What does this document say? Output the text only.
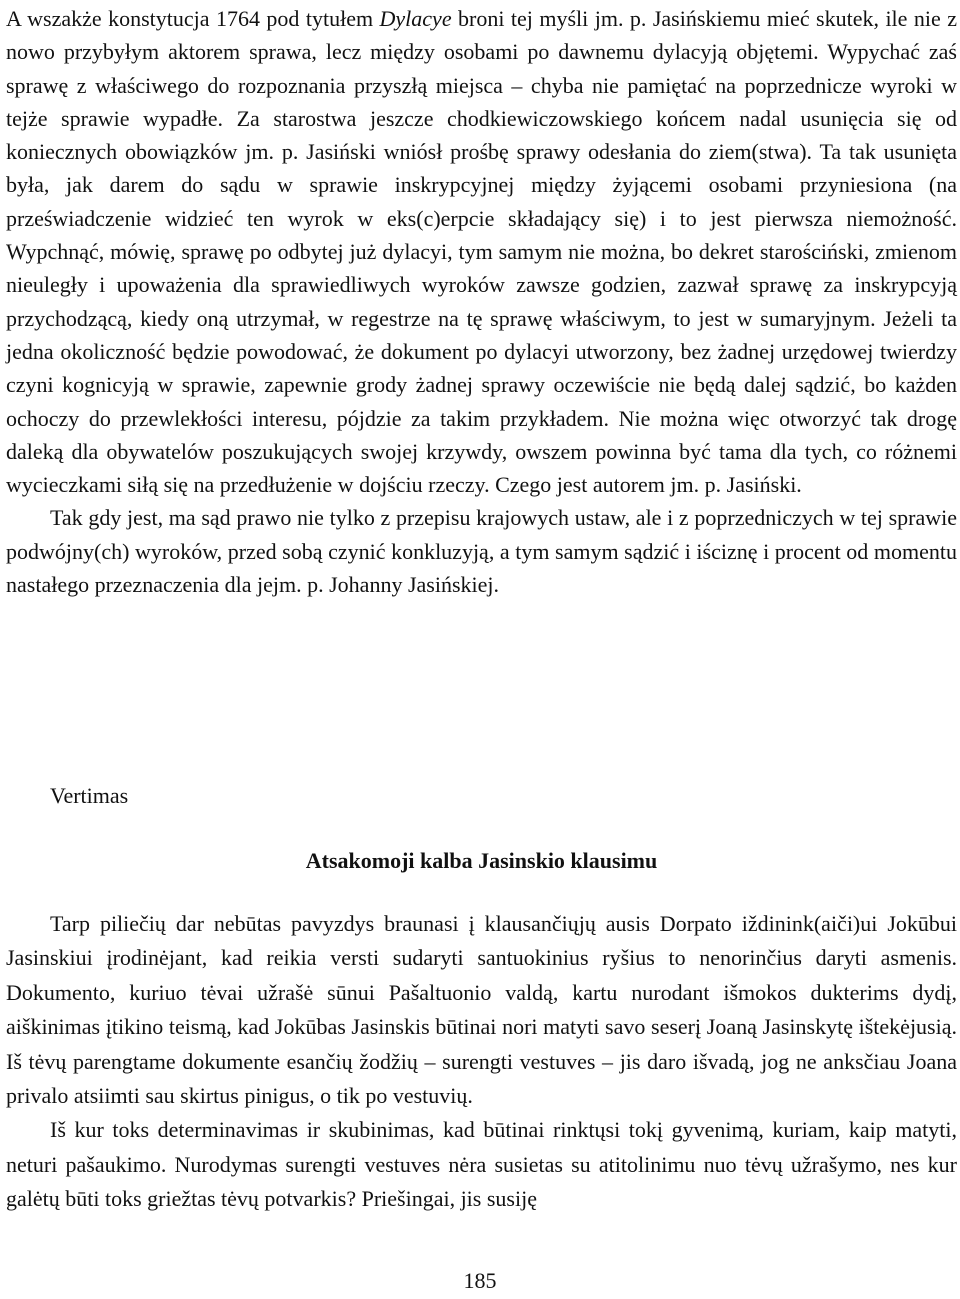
A wszakże konstytucja 1764 pod tytułem Dylacye broni tej myśli jm. p. Jasińskiemu mieć skutek, ile nie z nowo przybyłym aktorem sprawa, lecz między osobami po dawnemu dylacyją objętemi. Wypychać zaś sprawę z właściwego do rozpoznania przyszłą miejsca – chyba nie pamiętać na poprzednicze wyroki w tejże sprawie wypadłe. Za starostwa jeszcze chodkiewiczowskiego końcem nadal usunięcia się od koniecznych obowiązków jm. p. Jasiński wniósł prośbę sprawy odesłania do ziem(stwa). Ta tak usunięta była, jak darem do sądu w sprawie inskrypcyjnej między żyjącemi osobami przyniesiona (na przeświadczenie widzieć ten wyrok w eks(c)erpcie składający się) i to jest pierwsza niemożność. Wypchnąć, mówię, sprawę po odbytej już dylacyi, tym samym nie można, bo dekret starościński, zmienom nieuległy i upoważenia dla sprawiedliwych wyroków zawsze godzien, zazwał sprawę za inskrypcyją przychodzącą, kiedy oną utrzymał, w regestrze na tę sprawę właściwym, to jest w sumaryjnym. Jeżeli ta jedna okoliczność będzie powodować, że dokument po dylacyi utworzony, bez żadnej urzędowej twierdzy czyni kognicyją w sprawie, zapewnie grody żadnej sprawy oczewiście nie będą dalej sądzić, bo każden ochoczy do przewlekłości interesu, pójdzie za takim przykładem. Nie można więc otworzyć tak drogę daleką dla obywatelów poszukujących swojej krzywdy, owszem powinna być tama dla tych, co różnemi wycieczkami siłą się na przedłużenie w dojściu rzeczy. Czego jest autorem jm. p. Jasiński.

Tak gdy jest, ma sąd prawo nie tylko z przepisu krajowych ustaw, ale i z poprzedniczych w tej sprawie podwójny(ch) wyroków, przed sobą czynić konkluzyją, a tym samym sądzić i iściznę i procent od momentu nastałego przeznaczenia dla jejm. p. Johanny Jasińskiej.

Vertimas

Atsakomoji kalba Jasinskio klausimu

Tarp piliečių dar nebūtas pavyzdys braunasi į klausančiųjų ausis Dorpato iždinink(aiči)ui Jokūbui Jasinskiui įrodinėjant, kad reikia versti sudaryti santuokinius ryšius to nenorinčius daryti asmenis. Dokumento, kuriuo tėvai užrašė sūnui Pašaltuonio valdą, kartu nurodant išmokos dukterims dydį, aiškinimas įtikino teismą, kad Jokūbas Jasinskis būtinai nori matyti savo seserį Joaną Jasinskytę ištekėjusią. Iš tėvų parengtame dokumente esančių žodžių – surengti vestuves – jis daro išvadą, jog ne anksčiau Joana privalo atsiimti sau skirtus pinigus, o tik po vestuvių.

Iš kur toks determinavimas ir skubinimas, kad būtinai rinktųsi tokį gyvenimą, kuriam, kaip matyti, neturi pašaukimo. Nurodymas surengti vestuves nėra susietas su atitolinimu nuo tėvų užrašymo, nes kur galėtų būti toks griežtas tėvų potvarkis? Priešingai, jis susiję

185
